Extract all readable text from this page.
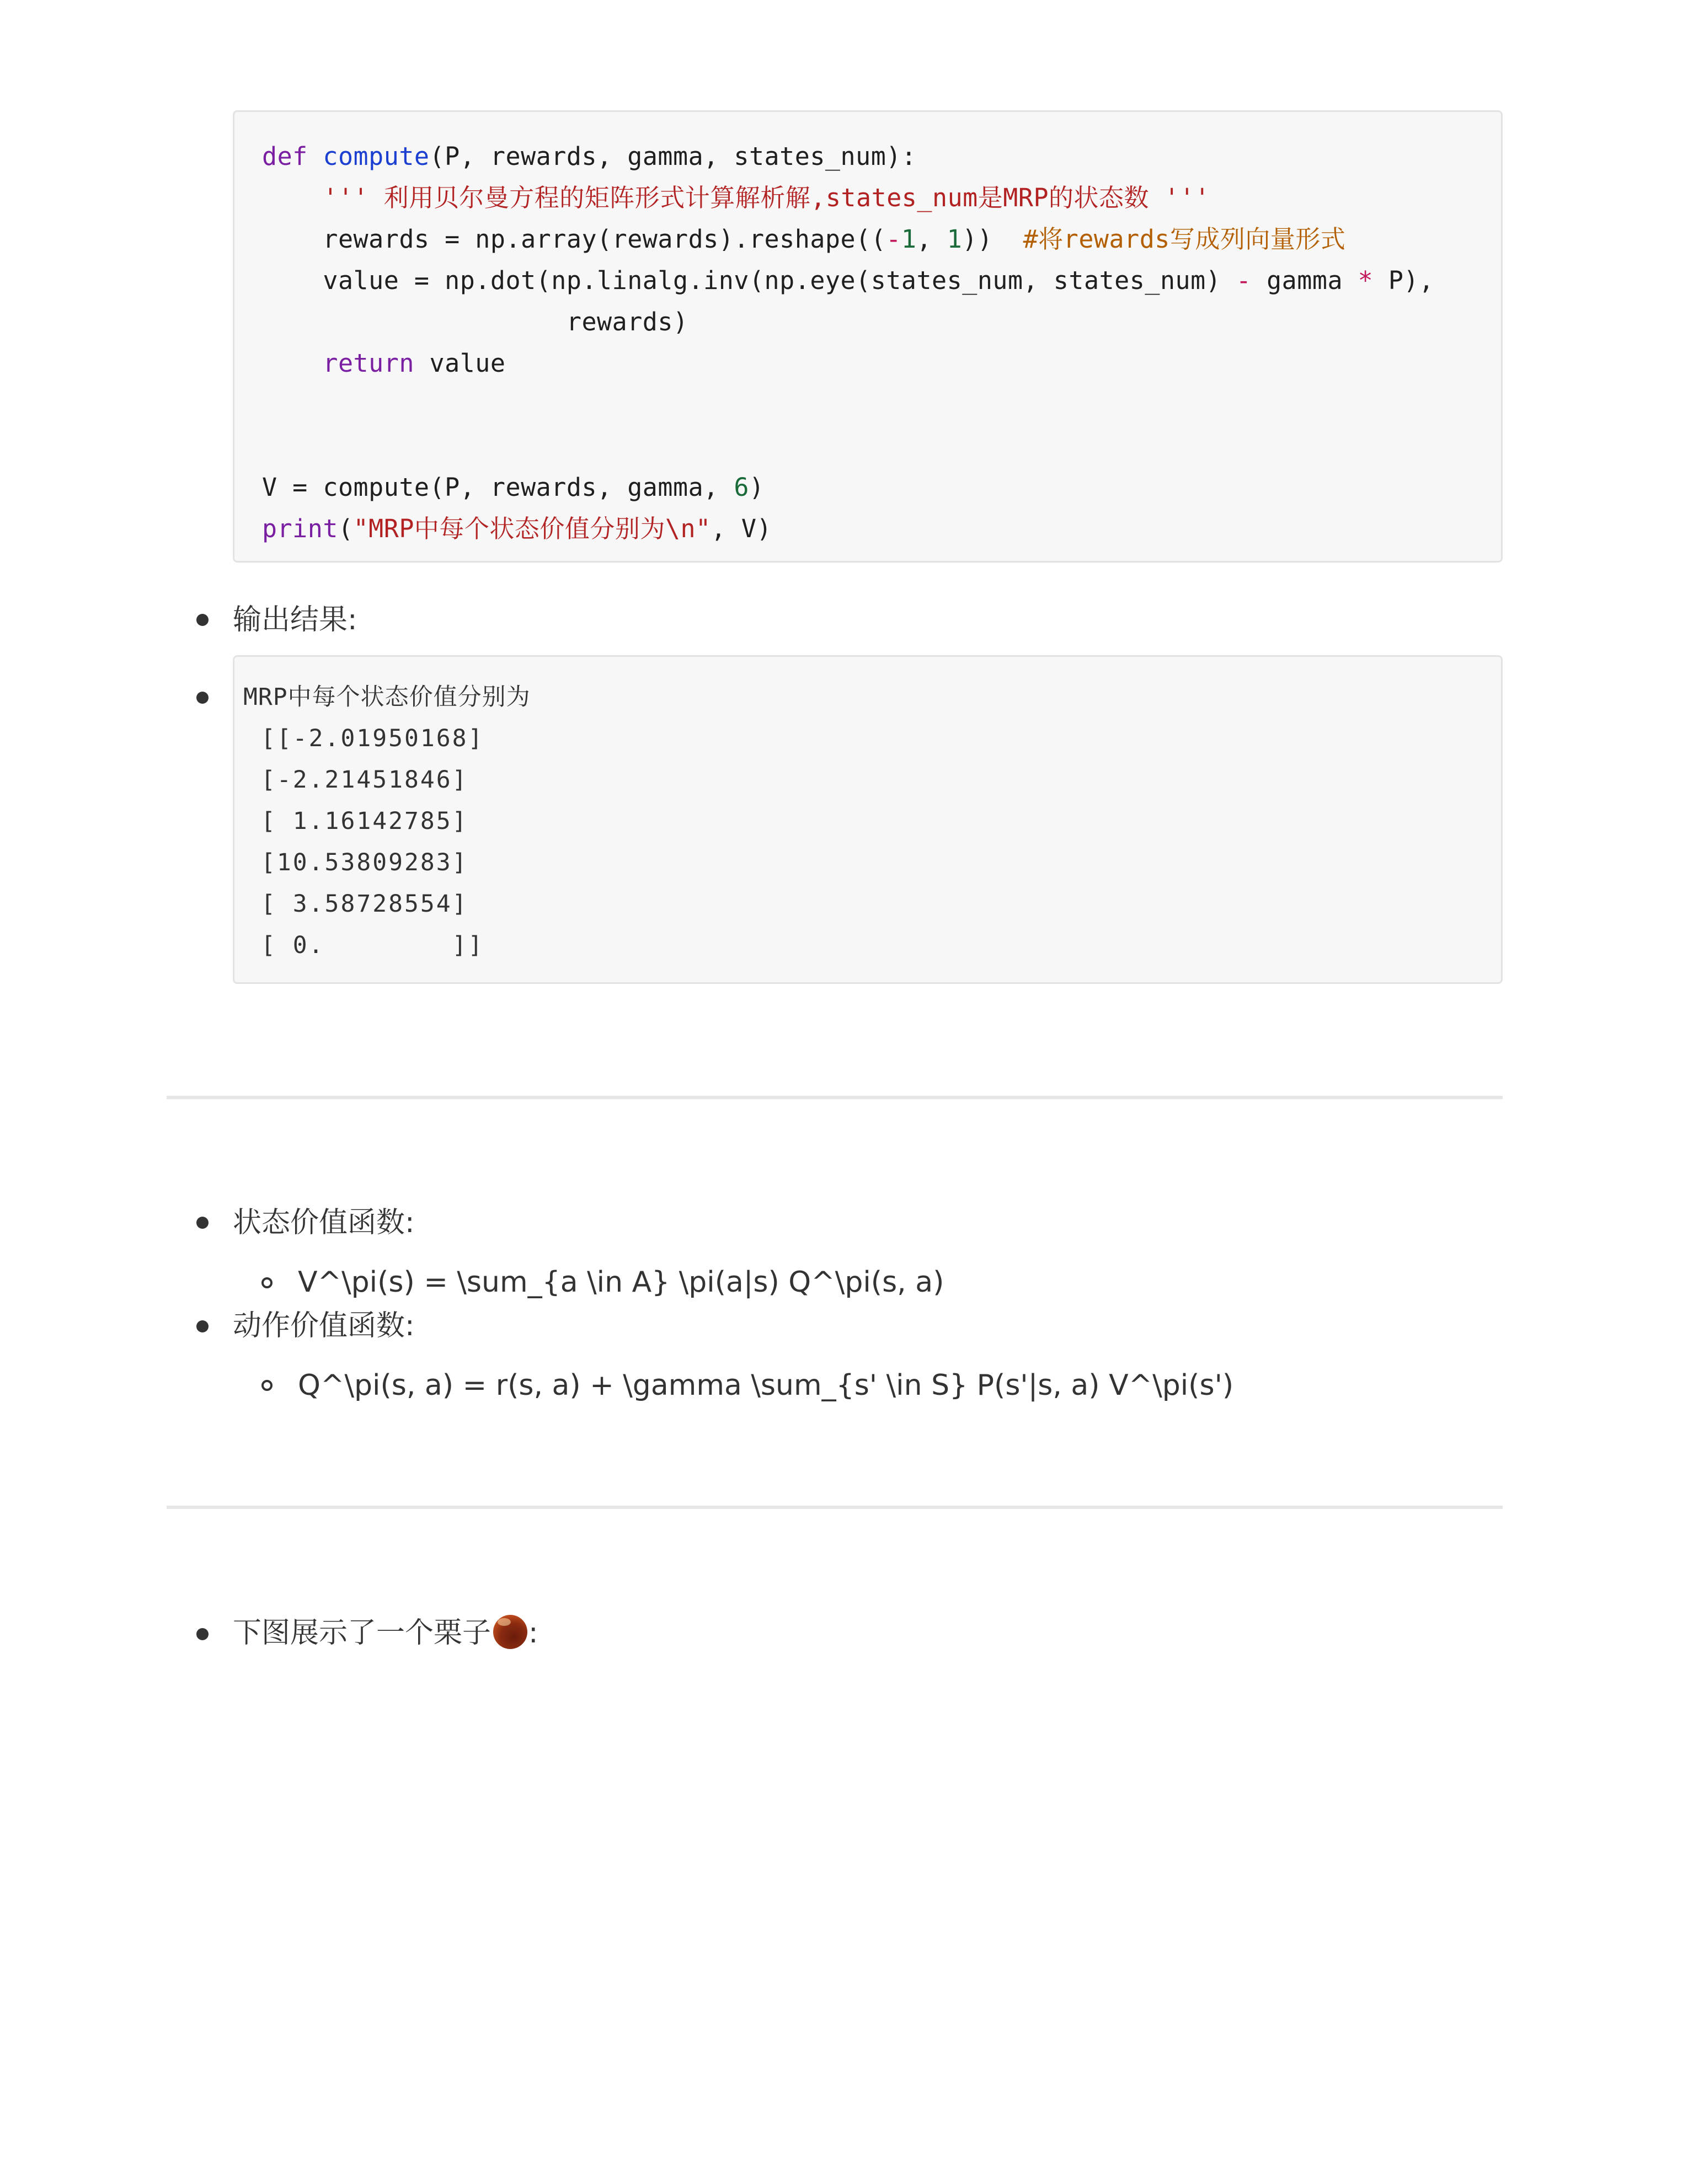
def compute(P, rewards, gamma, states_num):
''' 利用贝尔曼方程的矩阵形式计算解析解,states_num是MRP的状态数 '''
rewards = np.array(rewards).reshape((-1, 1))  #将rewards写成列向量形式
value = np.dot(np.linalg.inv(np.eye(states_num, states_num) - gamma * P),
rewards)
return value
V = compute(P, rewards, gamma, 6)
print("MRP中每个状态价值分别为\n", V)
输出结果:
MRP中每个状态价值分别为
[[-2.01950168]
[-2.21451846]
[ 1.16142785]
[10.53809283]
[ 3.58728554]
[ 0.        ]]
状态价值函数:
V^\pi(s) = \sum_{a \in A} \pi(a|s) Q^\pi(s, a)
动作价值函数:
Q^\pi(s, a) = r(s, a) + \gamma \sum_{s' \in S} P(s'|s, a) V^\pi(s')
下图展示了一个栗子 :
